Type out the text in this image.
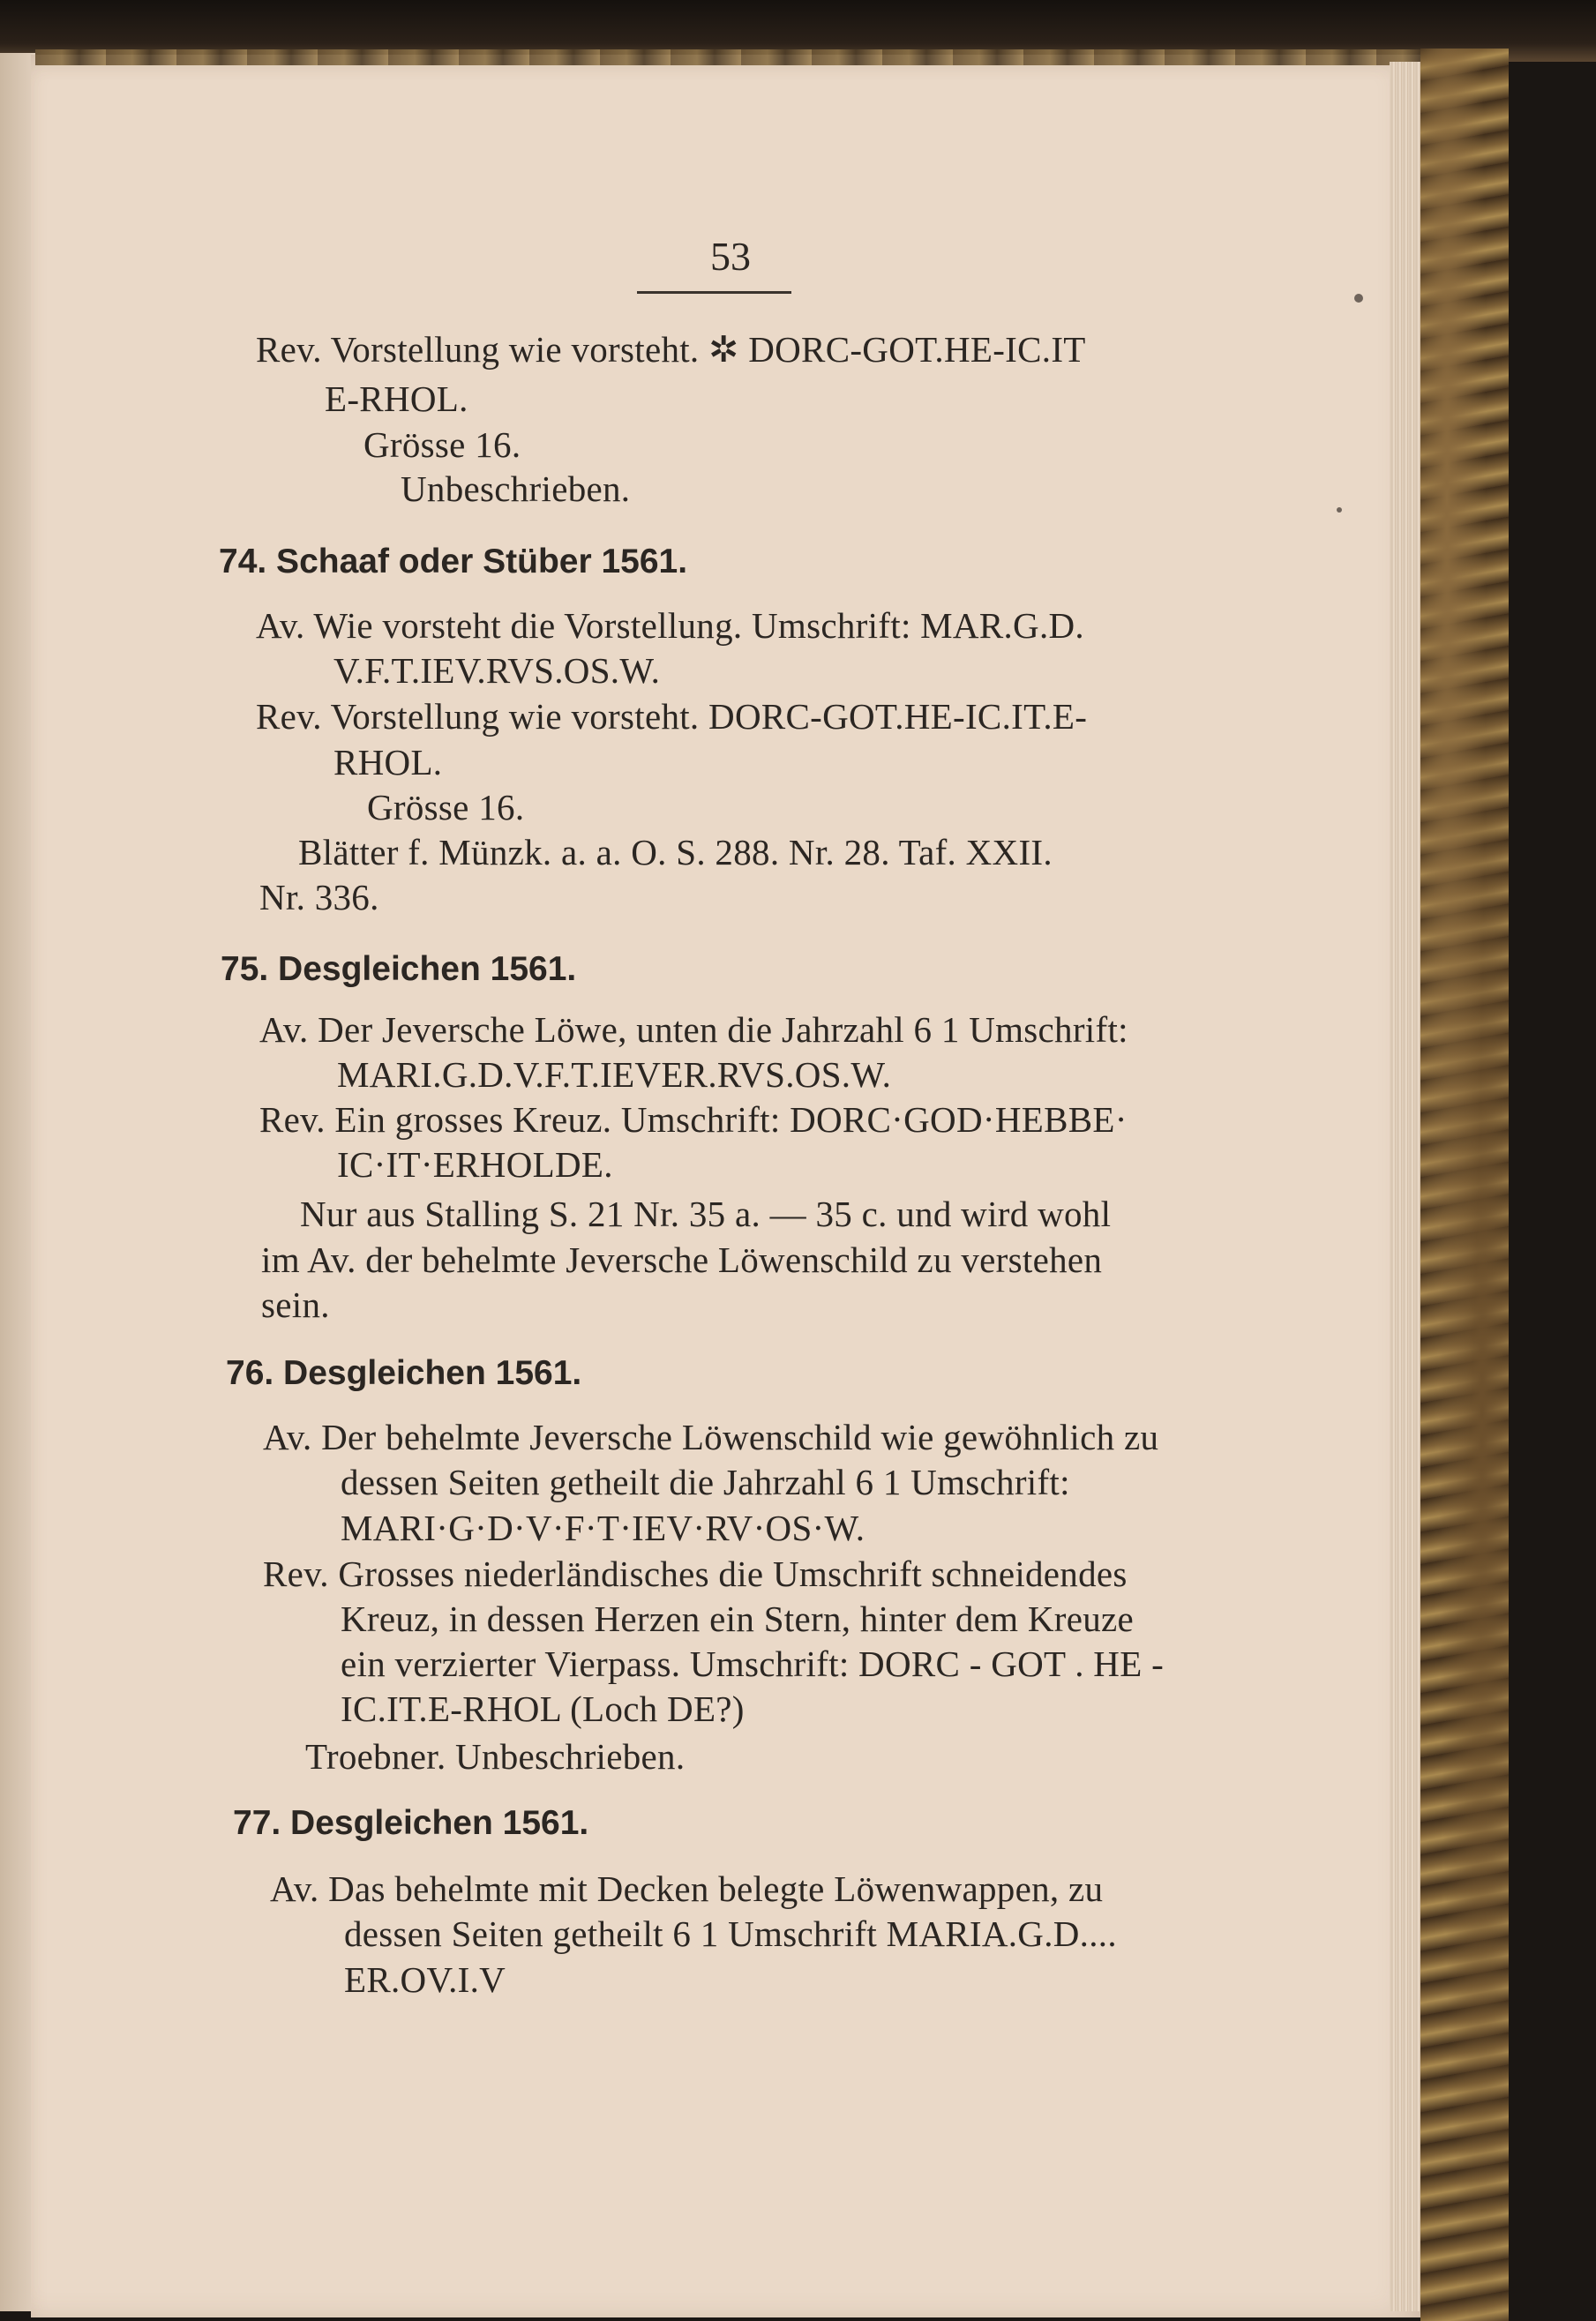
53
Rev. Vorstellung wie vorsteht. ✲ DORC-GOT.HE-IC.IT
E-RHOL.
Grösse 16.
Unbeschrieben.
74. Schaaf oder Stüber 1561.
Av. Wie vorsteht die Vorstellung. Umschrift: MAR.G.D.
V.F.T.IEV.RVS.OS.W.
Rev. Vorstellung wie vorsteht. DORC-GOT.HE-IC.IT.E-
RHOL.
Grösse 16.
Blätter f. Münzk. a. a. O. S. 288. Nr. 28. Taf. XXII.
Nr. 336.
75. Desgleichen 1561.
Av. Der Jeversche Löwe, unten die Jahrzahl 6 1 Umschrift:
MARI.G.D.V.F.T.IEVER.RVS.OS.W.
Rev. Ein grosses Kreuz. Umschrift: DORC·GOD·HEBBE·
IC·IT·ERHOLDE.
Nur aus Stalling S. 21 Nr. 35 a. — 35 c. und wird wohl
im Av. der behelmte Jeversche Löwenschild zu verstehen
sein.
76. Desgleichen 1561.
Av. Der behelmte Jeversche Löwenschild wie gewöhnlich zu
dessen Seiten getheilt die Jahrzahl 6 1 Umschrift:
MARI·G·D·V·F·T·IEV·RV·OS·W.
Rev. Grosses niederländisches die Umschrift schneidendes
Kreuz, in dessen Herzen ein Stern, hinter dem Kreuze
ein verzierter Vierpass. Umschrift: DORC - GOT . HE -
IC.IT.E-RHOL (Loch DE?)
Troebner. Unbeschrieben.
77. Desgleichen 1561.
Av. Das behelmte mit Decken belegte Löwenwappen, zu
dessen Seiten getheilt 6 1 Umschrift MARIA.G.D....
ER.OV.I.V
